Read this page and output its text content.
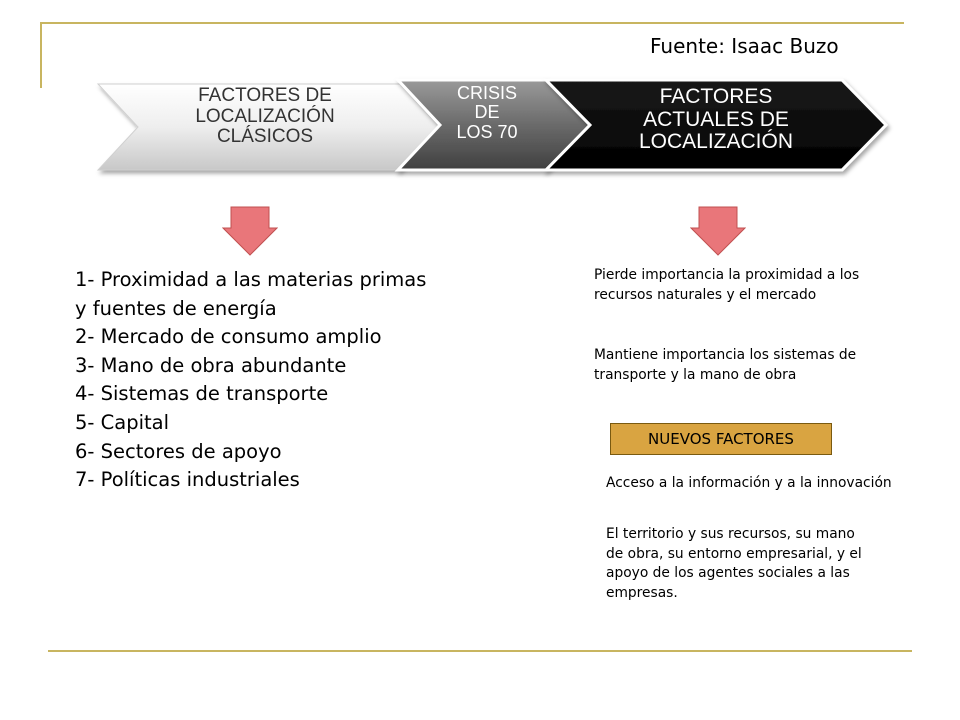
Fuente: Isaac Buzo
FACTORES DE
LOCALIZACIÓN
CLÁSICOS
CRISIS
DE
LOS 70
FACTORES
ACTUALES DE
LOCALIZACIÓN
1- Proximidad a las materias primas
y fuentes de energía
2- Mercado de consumo amplio
3- Mano de obra abundante
4- Sistemas de transporte
5- Capital
6- Sectores de apoyo
7- Políticas industriales
Pierde importancia la proximidad a los recursos naturales y el mercado
Mantiene importancia los sistemas de transporte y la mano de obra
NUEVOS FACTORES
Acceso a la información y a la innovación
El territorio y sus recursos, su mano de obra, su entorno empresarial, y el apoyo de los agentes sociales a las empresas.
